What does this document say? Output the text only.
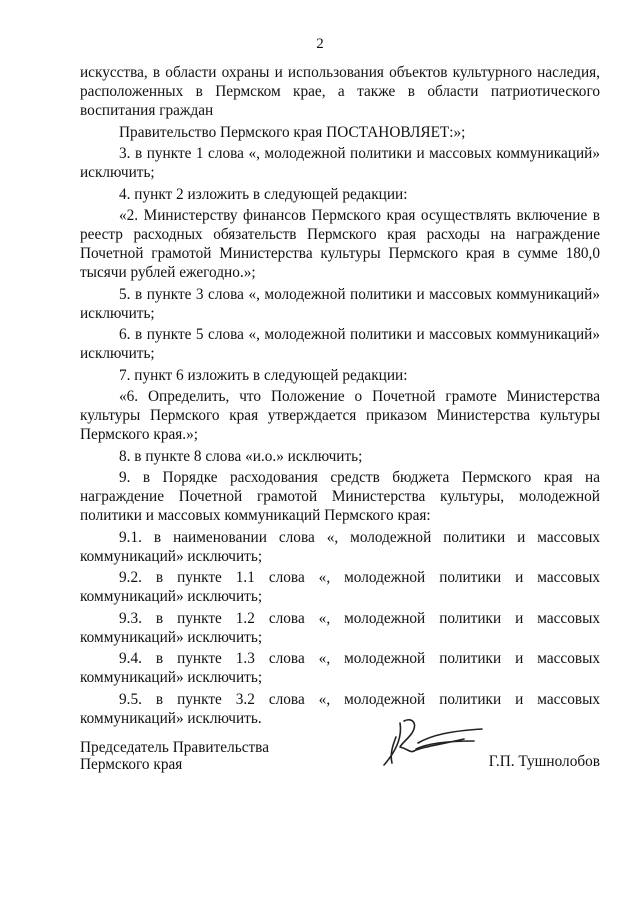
2

искусства, в области охраны и использования объектов культурного наследия, расположенных в Пермском крае, а также в области патриотического воспитания граждан

Правительство Пермского края ПОСТАНОВЛЯЕТ:»;

3. в пункте 1 слова «, молодежной политики и массовых коммуникаций» исключить;

4. пункт 2 изложить в следующей редакции:

«2. Министерству финансов Пермского края осуществлять включение в реестр расходных обязательств Пермского края расходы на награждение Почетной грамотой Министерства культуры Пермского края в сумме 180,0 тысячи рублей ежегодно.»;

5. в пункте 3 слова «, молодежной политики и массовых коммуникаций» исключить;

6. в пункте 5 слова «, молодежной политики и массовых коммуникаций» исключить;

7. пункт 6 изложить в следующей редакции:

«6. Определить, что Положение о Почетной грамоте Министерства культуры Пермского края утверждается приказом Министерства культуры Пермского края.»;

8. в пункте 8 слова «и.о.» исключить;

9. в Порядке расходования средств бюджета Пермского края на награждение Почетной грамотой Министерства культуры, молодежной политики и массовых коммуникаций Пермского края:

9.1. в наименовании слова «, молодежной политики и массовых коммуникаций» исключить;

9.2. в пункте 1.1 слова «, молодежной политики и массовых коммуникаций» исключить;

9.3. в пункте 1.2 слова «, молодежной политики и массовых коммуникаций» исключить;

9.4. в пункте 1.3 слова «, молодежной политики и массовых коммуникаций» исключить;

9.5. в пункте 3.2 слова «, молодежной политики и массовых коммуникаций» исключить.

Председатель Правительства
Пермского края	Г.П. Тушнолобов
